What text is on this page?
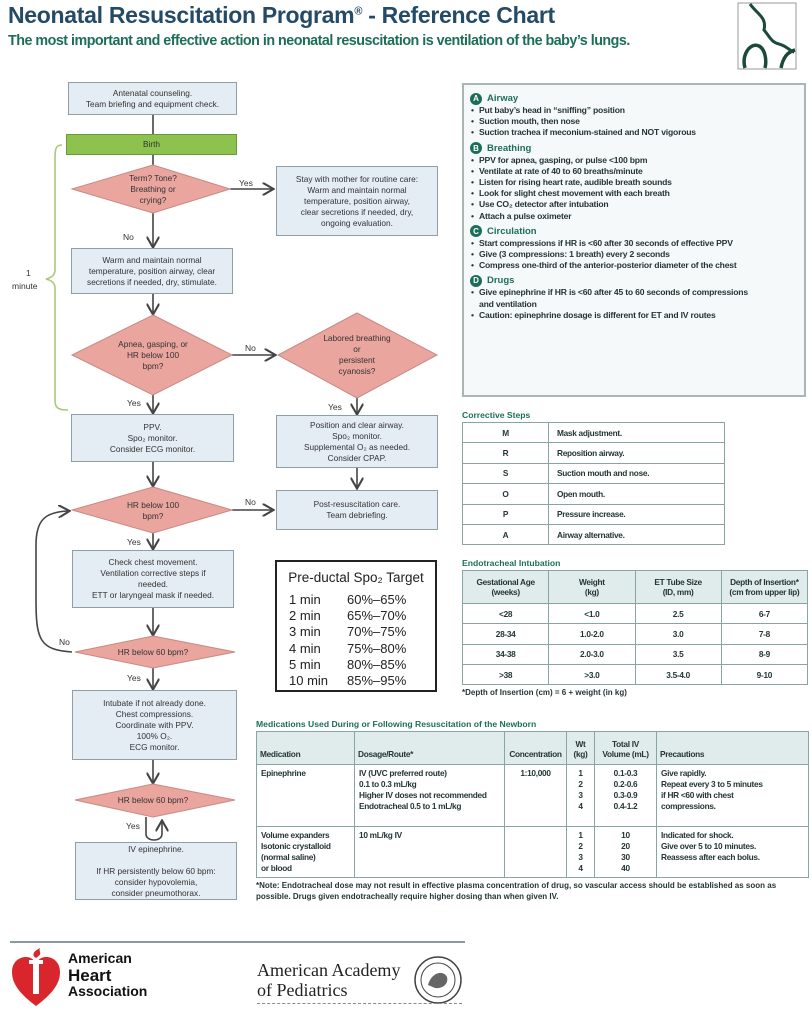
Neonatal Resuscitation Program® - Reference Chart
The most important and effective action in neonatal resuscitation is ventilation of the baby’s lungs.
Antenatal counseling.
Team briefing and equipment check.
Birth
Term? Tone?
Breathing or
crying?
Stay with mother for routine care:
Warm and maintain normal
temperature, position airway,
clear secretions if needed, dry,
ongoing evaluation.
Warm and maintain normal
temperature, position airway, clear
secretions if needed, dry, stimulate.
Apnea, gasping, or
HR below 100
bpm?
Labored breathing
or
persistent
cyanosis?
PPV.
Spo₂ monitor.
Consider ECG monitor.
Position and clear airway.
Spo₂ monitor.
Supplemental O₂ as needed.
Consider CPAP.
HR below 100
bpm?
Post-resuscitation care.
Team debriefing.
Check chest movement.
Ventilation corrective steps if
needed.
ETT or laryngeal mask if needed.
HR below 60 bpm?
Intubate if not already done.
Chest compressions.
Coordinate with PPV.
100% O₂.
ECG monitor.
HR below 60 bpm?
IV epinephrine.

If HR persistently below 60 bpm:
consider hypovolemia,
consider pneumothorax.
Yes
No
No
Yes	Yes
No
Yes
No
Yes
Yes
1
minute
Pre-ductal Spo₂ Target
1 min 60%–65%
2 min 65%–70%
3 min 70%–75%
4 min 75%–80%
5 min 80%–85%
10 min 85%–95%
A Airway
• Put baby’s head in “sniffing” position
• Suction mouth, then nose
• Suction trachea if meconium-stained and NOT vigorous
B Breathing
• PPV for apnea, gasping, or pulse <100 bpm
• Ventilate at rate of 40 to 60 breaths/minute
• Listen for rising heart rate, audible breath sounds
• Look for slight chest movement with each breath
• Use CO₂ detector after intubation
• Attach a pulse oximeter
C Circulation
• Start compressions if HR is <60 after 30 seconds of effective PPV
• Give (3 compressions: 1 breath) every 2 seconds
• Compress one-third of the anterior-posterior diameter of the chest
D Drugs
• Give epinephrine if HR is <60 after 45 to 60 seconds of compressions
and ventilation
• Caution: epinephrine dosage is different for ET and IV routes
Corrective Steps
M	Mask adjustment.
R	Reposition airway.
S	Suction mouth and nose.
O	Open mouth.
P	Pressure increase.
A	Airway alternative.
Endotracheal Intubation
Gestational Age
(weeks)	Weight
(kg)	ET Tube Size
(ID, mm)	Depth of Insertion*
(cm from upper lip)
<28	<1.0	2.5	6-7
28-34	1.0-2.0	3.0	7-8
34-38	2.0-3.0	3.5	8-9
>38	>3.0	3.5-4.0	9-10
*Depth of Insertion (cm) = 6 + weight (in kg)
Medications Used During or Following Resuscitation of the Newborn
Medication	Dosage/Route*	Concentration	Wt
(kg)	Total IV
Volume (mL)	Precautions
Epinephrine	IV (UVC preferred route)
0.1 to 0.3 mL/kg
Higher IV doses not recommended
Endotracheal 0.5 to 1 mL/kg	1:10,000	1
2
3
4	0.1-0.3
0.2-0.6
0.3-0.9
0.4-1.2	Give rapidly.
Repeat every 3 to 5 minutes
if HR <60 with chest
compressions.
Volume expanders
Isotonic crystalloid
(normal saline)
or blood	10 mL/kg IV		1
2
3
4	10
20
30
40	Indicated for shock.
Give over 5 to 10 minutes.
Reassess after each bolus.
*Note: Endotracheal dose may not result in effective plasma concentration of drug, so vascular access should be established as soon as possible. Drugs given endotracheally require higher dosing than when given IV.
American
Heart
Association
American Academy
of Pediatrics
